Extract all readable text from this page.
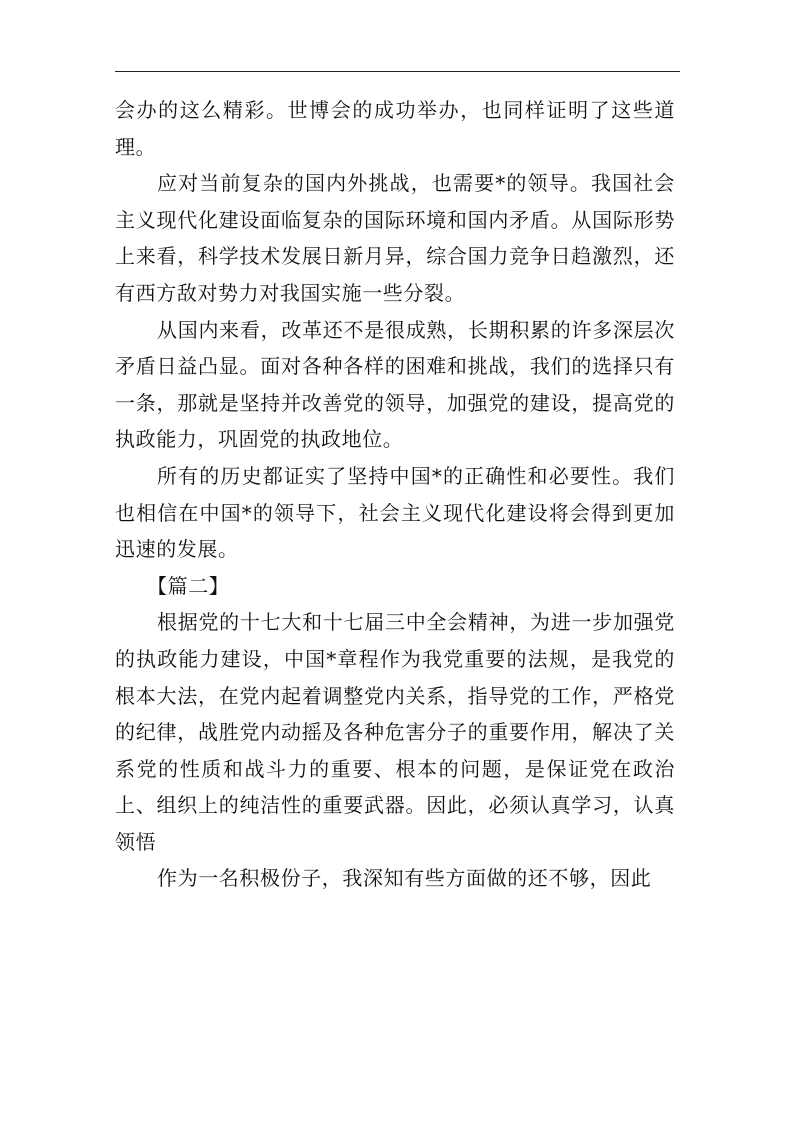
会办的这么精彩。世博会的成功举办，也同样证明了这些道理。

应对当前复杂的国内外挑战，也需要*的领导。我国社会主义现代化建设面临复杂的国际环境和国内矛盾。从国际形势上来看，科学技术发展日新月异，综合国力竞争日趋激烈，还有西方敌对势力对我国实施一些分裂。

从国内来看，改革还不是很成熟，长期积累的许多深层次矛盾日益凸显。面对各种各样的困难和挑战，我们的选择只有一条，那就是坚持并改善党的领导，加强党的建设，提高党的执政能力，巩固党的执政地位。

所有的历史都证实了坚持中国*的正确性和必要性。我们也相信在中国*的领导下，社会主义现代化建设将会得到更加迅速的发展。

【篇二】

根据党的十七大和十七届三中全会精神，为进一步加强党的执政能力建设，中国*章程作为我党重要的法规，是我党的根本大法，在党内起着调整党内关系，指导党的工作，严格党的纪律，战胜党内动摇及各种危害分子的重要作用，解决了关系党的性质和战斗力的重要、根本的问题，是保证党在政治上、组织上的纯洁性的重要武器。因此，必须认真学习，认真领悟

作为一名积极份子，我深知有些方面做的还不够，因此
